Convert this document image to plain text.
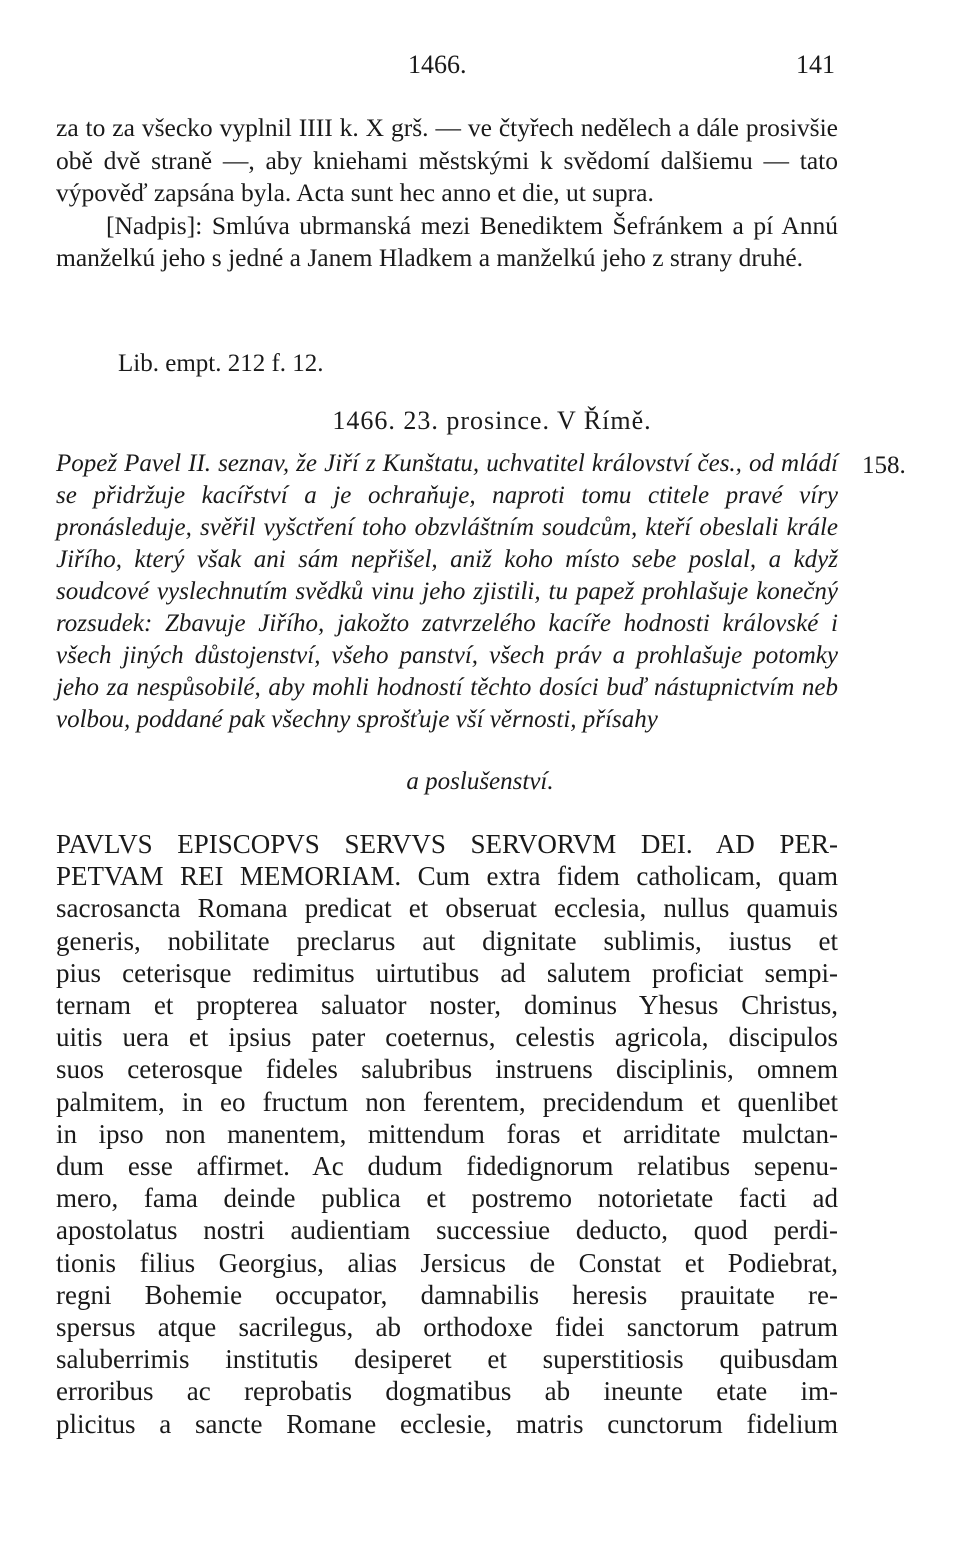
1466.	141

za to za všecko vyplnil IIII k. X grš. — ve čtyřech nedělech a dále prosivšie obě dvě straně —, aby kniehami městskými k svědomí dalšiemu — tato výpověď zapsána byla. Acta sunt hec anno et die, ut supra.

[Nadpis]: Smlúva ubrmanská mezi Benediktem Šefránkem a pí Annú manželkú jeho s jedné a Janem Hladkem a manželkú jeho z strany druhé.

Lib. empt. 212 f. 12.
1466. 23. prosince. V Římě.
158.

Popež Pavel II. seznav, že Jiří z Kunštatu, uchvatitel království čes., od mládí se přidržuje kacířství a je ochraňuje, naproti tomu ctitele pravé víry pronásleduje, svěřil vyšctření toho obzvláštním soudcům, kteří obeslali krále Jiřího, který však ani sám nepřišel, aniž koho místo sebe poslal, a když soudcové vyslechnutím svědků vinu jeho zjistili, tu papež prohlašuje konečný rozsudek: Zbavuje Jiřího, jakožto zatvrzelého kacíře hodnosti královské i všech jiných důstojenství, všeho panství, všech práv a prohlašuje potomky jeho za nespůsobilé, aby mohli hodností těchto dosíci buď nástupnictvím neb volbou, poddané pak všechny sprošťuje vší věrnosti, přísahy

a poslušenství.
PAVLVS EPISCOPVS SERVVS SERVORVM DEI. AD PER-
PETVAM REI MEMORIAM. Cum extra fidem catholicam, quam
sacrosancta Romana predicat et obseruat ecclesia, nullus quamuis
generis, nobilitate preclarus aut dignitate sublimis, iustus et
pius ceterisque redimitus uirtutibus ad salutem proficiat sempi-
ternam et propterea saluator noster, dominus Yhesus Christus,
uitis uera et ipsius pater coeternus, celestis agricola, discipulos
suos ceterosque fideles salubribus instruens disciplinis, omnem
palmitem, in eo fructum non ferentem, precidendum et quenlibet
in ipso non manentem, mittendum foras et arriditate mulctan-
dum esse affirmet. Ac dudum fidedignorum relatibus sepenu-
mero, fama deinde publica et postremo notorietate facti ad
apostolatus nostri audientiam successiue deducto, quod perdi-
tionis filius Georgius, alias Jersicus de Constat et Podiebrat,
regni Bohemie occupator, damnabilis heresis prauitate re-
spersus atque sacrilegus, ab orthodoxe fidei sanctorum patrum
saluberrimis institutis desiperet et superstitiosis quibusdam
erroribus ac reprobatis dogmatibus ab ineunte etate im-
plicitus a sancte Romane ecclesie, matris cunctorum fidelium
